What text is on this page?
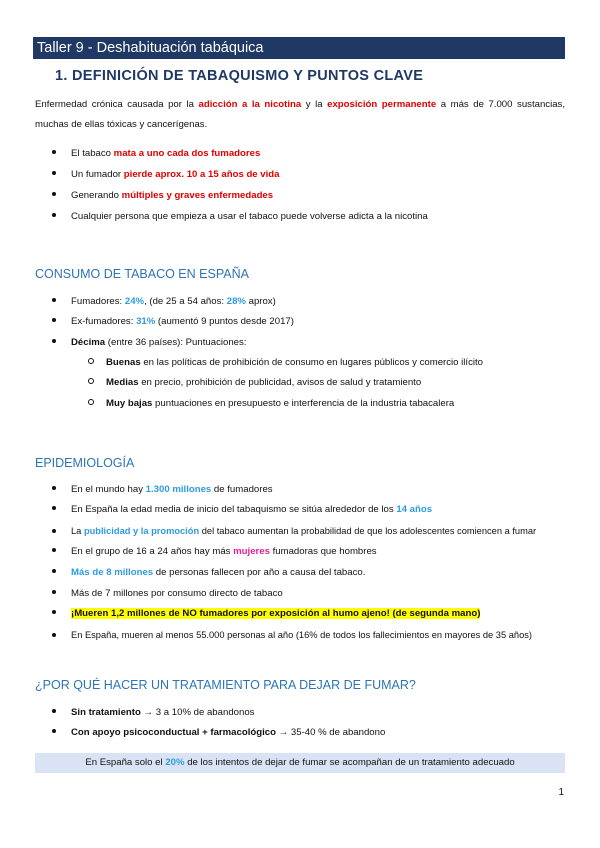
Taller 9 - Deshabituación tabáquica
1. DEFINICIÓN DE TABAQUISMO Y PUNTOS CLAVE
Enfermedad crónica causada por la adicción a la nicotina y la exposición permanente a más de 7.000 sustancias, muchas de ellas tóxicas y cancerígenas.
El tabaco mata a uno cada dos fumadores
Un fumador pierde aprox. 10 a 15 años de vida
Generando múltiples y graves enfermedades
Cualquier persona que empieza a usar el tabaco puede volverse adicta a la nicotina
CONSUMO DE TABACO EN ESPAÑA
Fumadores: 24%, (de 25 a 54 años: 28% aprox)
Ex-fumadores: 31% (aumentó 9 puntos desde 2017)
Décima (entre 36 países): Puntuaciones:
Buenas en las políticas de prohibición de consumo en lugares públicos y comercio ilícito
Medias en precio, prohibición de publicidad, avisos de salud y tratamiento
Muy bajas puntuaciones en presupuesto e interferencia de la industria tabacalera
EPIDEMIOLOGÍA
En el mundo hay 1.300 millones de fumadores
En España la edad media de inicio del tabaquismo se sitúa alrededor de los 14 años
La publicidad y la promoción del tabaco aumentan la probabilidad de que los adolescentes comiencen a fumar
En el grupo de 16 a 24 años hay más mujeres fumadoras que hombres
Más de 8 millones de personas fallecen por año a causa del tabaco.
Más de 7 millones por consumo directo de tabaco
¡Mueren 1,2 millones de NO fumadores por exposición al humo ajeno! (de segunda mano)
En España, mueren al menos 55.000 personas al año (16% de todos los fallecimientos en mayores de 35 años)
¿POR QUÉ HACER UN TRATAMIENTO PARA DEJAR DE FUMAR?
Sin tratamiento → 3 a 10% de abandonos
Con apoyo psicoconductual + farmacológico → 35-40 % de abandono
En España solo el 20% de los intentos de dejar de fumar se acompañan de un tratamiento adecuado
1
